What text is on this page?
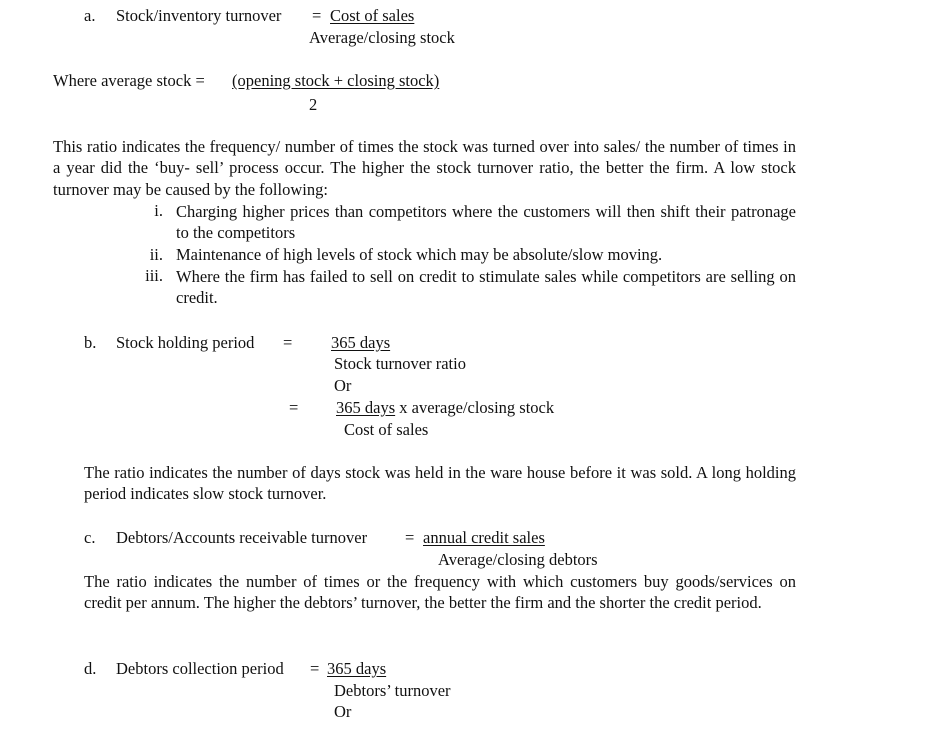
a. Stock/inventory turnover = Cost of sales
Average/closing stock
Where average stock = (opening stock + closing stock)
2
This ratio indicates the frequency/ number of times the stock was turned over into sales/ the number of times in a year did the ‘buy- sell’ process occur. The higher the stock turnover ratio, the better the firm. A low stock turnover may be caused by the following:
i. Charging higher prices than competitors where the customers will then shift their patronage to the competitors
ii. Maintenance of high levels of stock which may be absolute/slow moving.
iii. Where the firm has failed to sell on credit to stimulate sales while competitors are selling on credit.
b. Stock holding period = 365 days
Stock turnover ratio
Or
= 365 days x average/closing stock
Cost of sales
The ratio indicates the number of days stock was held in the ware house before it was sold. A long holding period indicates slow stock turnover.
c. Debtors/Accounts receivable turnover = annual credit sales
Average/closing debtors
The ratio indicates the number of times or the frequency with which customers buy goods/services on credit per annum. The higher the debtors’ turnover, the better the firm and the shorter the credit period.
d. Debtors collection period = 365 days
Debtors’ turnover
Or
